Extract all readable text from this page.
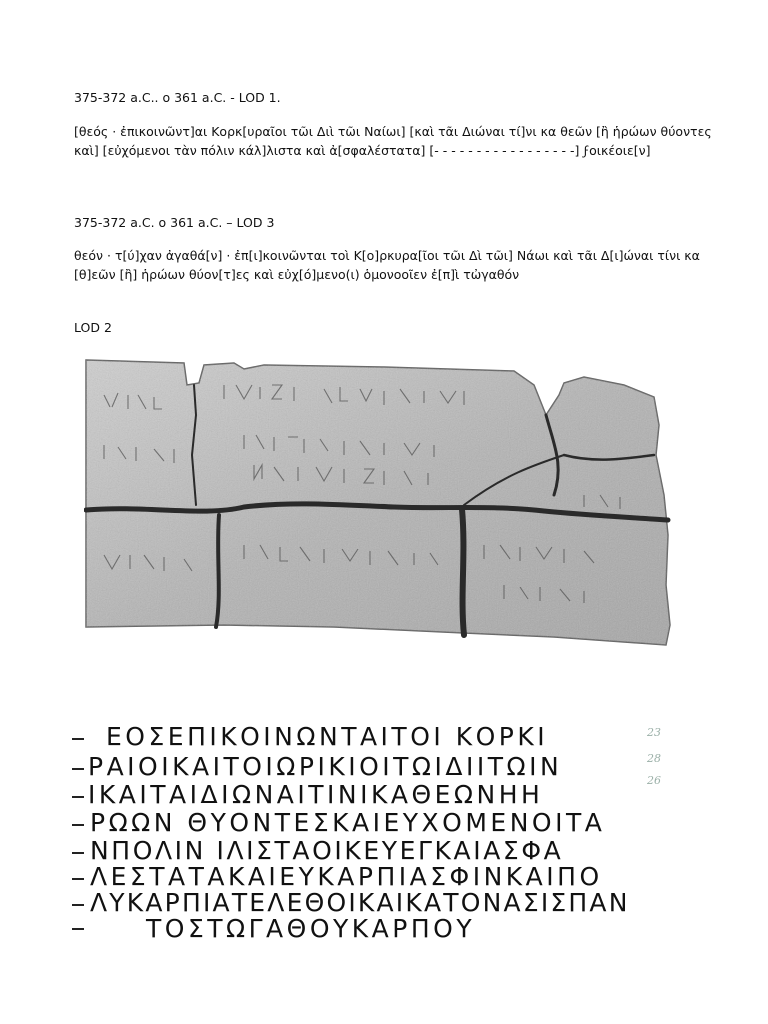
375-372 a.C.. o 361 a.C. - LOD 1.
[θεός · ἐπικοινῶντ]αι Κορκ[υραῖοι τῶι Διὶ τῶι Ναίωι] [καὶ τᾶι Διώναι τί]νι κα θεῶν [ἢ ἡρώων θύοντες καὶ] [εὐχόμενοι τὰν πόλιν κάλ]λιστα καὶ ἀ[σφαλέστατα] [- - - - - - - - - - - - - - - - -] ϝοικέοιε[ν]
375-372 a.C. o 361 a.C. – LOD 3
θεόν · τ[ύ]χαν ἀγαθά[ν] · ἐπ[ι]κοινῶνται τοὶ Κ[ο]ρκυρα[ῖοι τῶι Δὶ τῶι] Νάωι καὶ τᾶι Δ[ι]ώναι τίνι κα [θ]εῶν [ἢ] ἡρώων θύον[τ]ες καὶ εὐχ[ό]μενο(ι) ὁμονοοῖεν ἐ[π]ὶ τὠγαθόν
LOD 2
ΕΟΣΕΠΙΚΟΙΝΩΝΤΑΙΤΟΙ ΚΟΡΚΙ
ΡΑΙΟΙΚΑΙΤΟΙΩΡΙΚΙΟΙΤΩΙΔΙΙΤΩΙΝ
ΙΚΑΙΤΑΙΔΙΩΝΑΙΤΙΝΙΚΑΘΕΩΝΗΗ
ΡΩΩΝ ΘΥΟΝΤΕΣΚΑΙΕΥΧΟΜΕΝΟΙΤΑ
ΝΠΟΛΙΝ ΙΛΙΣΤΑΟΙΚΕΥΕΓΚΑΙΑΣΦΑ
ΛΕΣΤΑΤΑΚΑΙΕΥΚΑΡΠΙΑΣΦΙΝΚΑΙΠΟ
ΛΥΚΑΡΠΙΑΤΕΛΕΘΟΙΚΑΙΚΑΤΟΝΑΣΙΣΠΑΝ
ΤΟΣΤΩΓΑΘΟΥΚΑΡΠΟΥ
23
28
26
